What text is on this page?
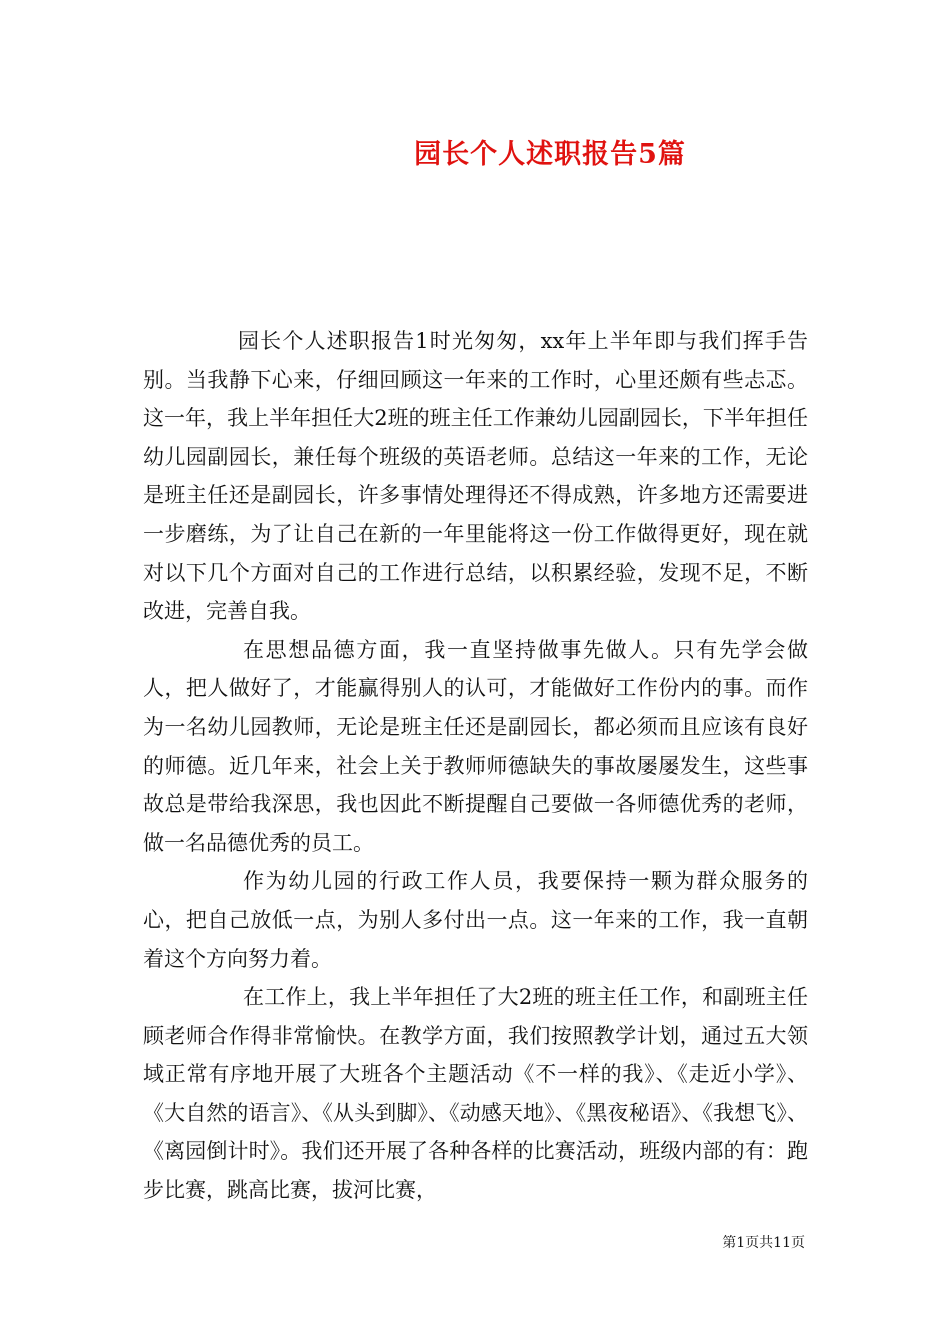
园长个人述职报告5篇

园长个人述职报告1时光匆匆，xx年上半年即与我们挥手告别。当我静下心来，仔细回顾这一年来的工作时，心里还颇有些忐忑。这一年，我上半年担任大2班的班主任工作兼幼儿园副园长，下半年担任幼儿园副园长，兼任每个班级的英语老师。总结这一年来的工作，无论是班主任还是副园长，许多事情处理得还不得成熟，许多地方还需要进一步磨练，为了让自己在新的一年里能将这一份工作做得更好，现在就对以下几个方面对自己的工作进行总结，以积累经验，发现不足，不断改进，完善自我。

在思想品德方面，我一直坚持做事先做人。只有先学会做人，把人做好了，才能赢得别人的认可，才能做好工作份内的事。而作为一名幼儿园教师，无论是班主任还是副园长，都必须而且应该有良好的师德。近几年来，社会上关于教师师德缺失的事故屡屡发生，这些事故总是带给我深思，我也因此不断提醒自己要做一各师德优秀的老师，做一名品德优秀的员工。

作为幼儿园的行政工作人员，我要保持一颗为群众服务的心，把自己放低一点，为别人多付出一点。这一年来的工作，我一直朝着这个方向努力着。

在工作上，我上半年担任了大2班的班主任工作，和副班主任顾老师合作得非常愉快。在教学方面，我们按照教学计划，通过五大领域正常有序地开展了大班各个主题活动《不一样的我》、《走近小学》、《大自然的语言》、《从头到脚》、《动感天地》、《黑夜秘语》、《我想飞》、《离园倒计时》。我们还开展了各种各样的比赛活动，班级内部的有：跑步比赛，跳高比赛，拔河比赛，

第1页共11页
